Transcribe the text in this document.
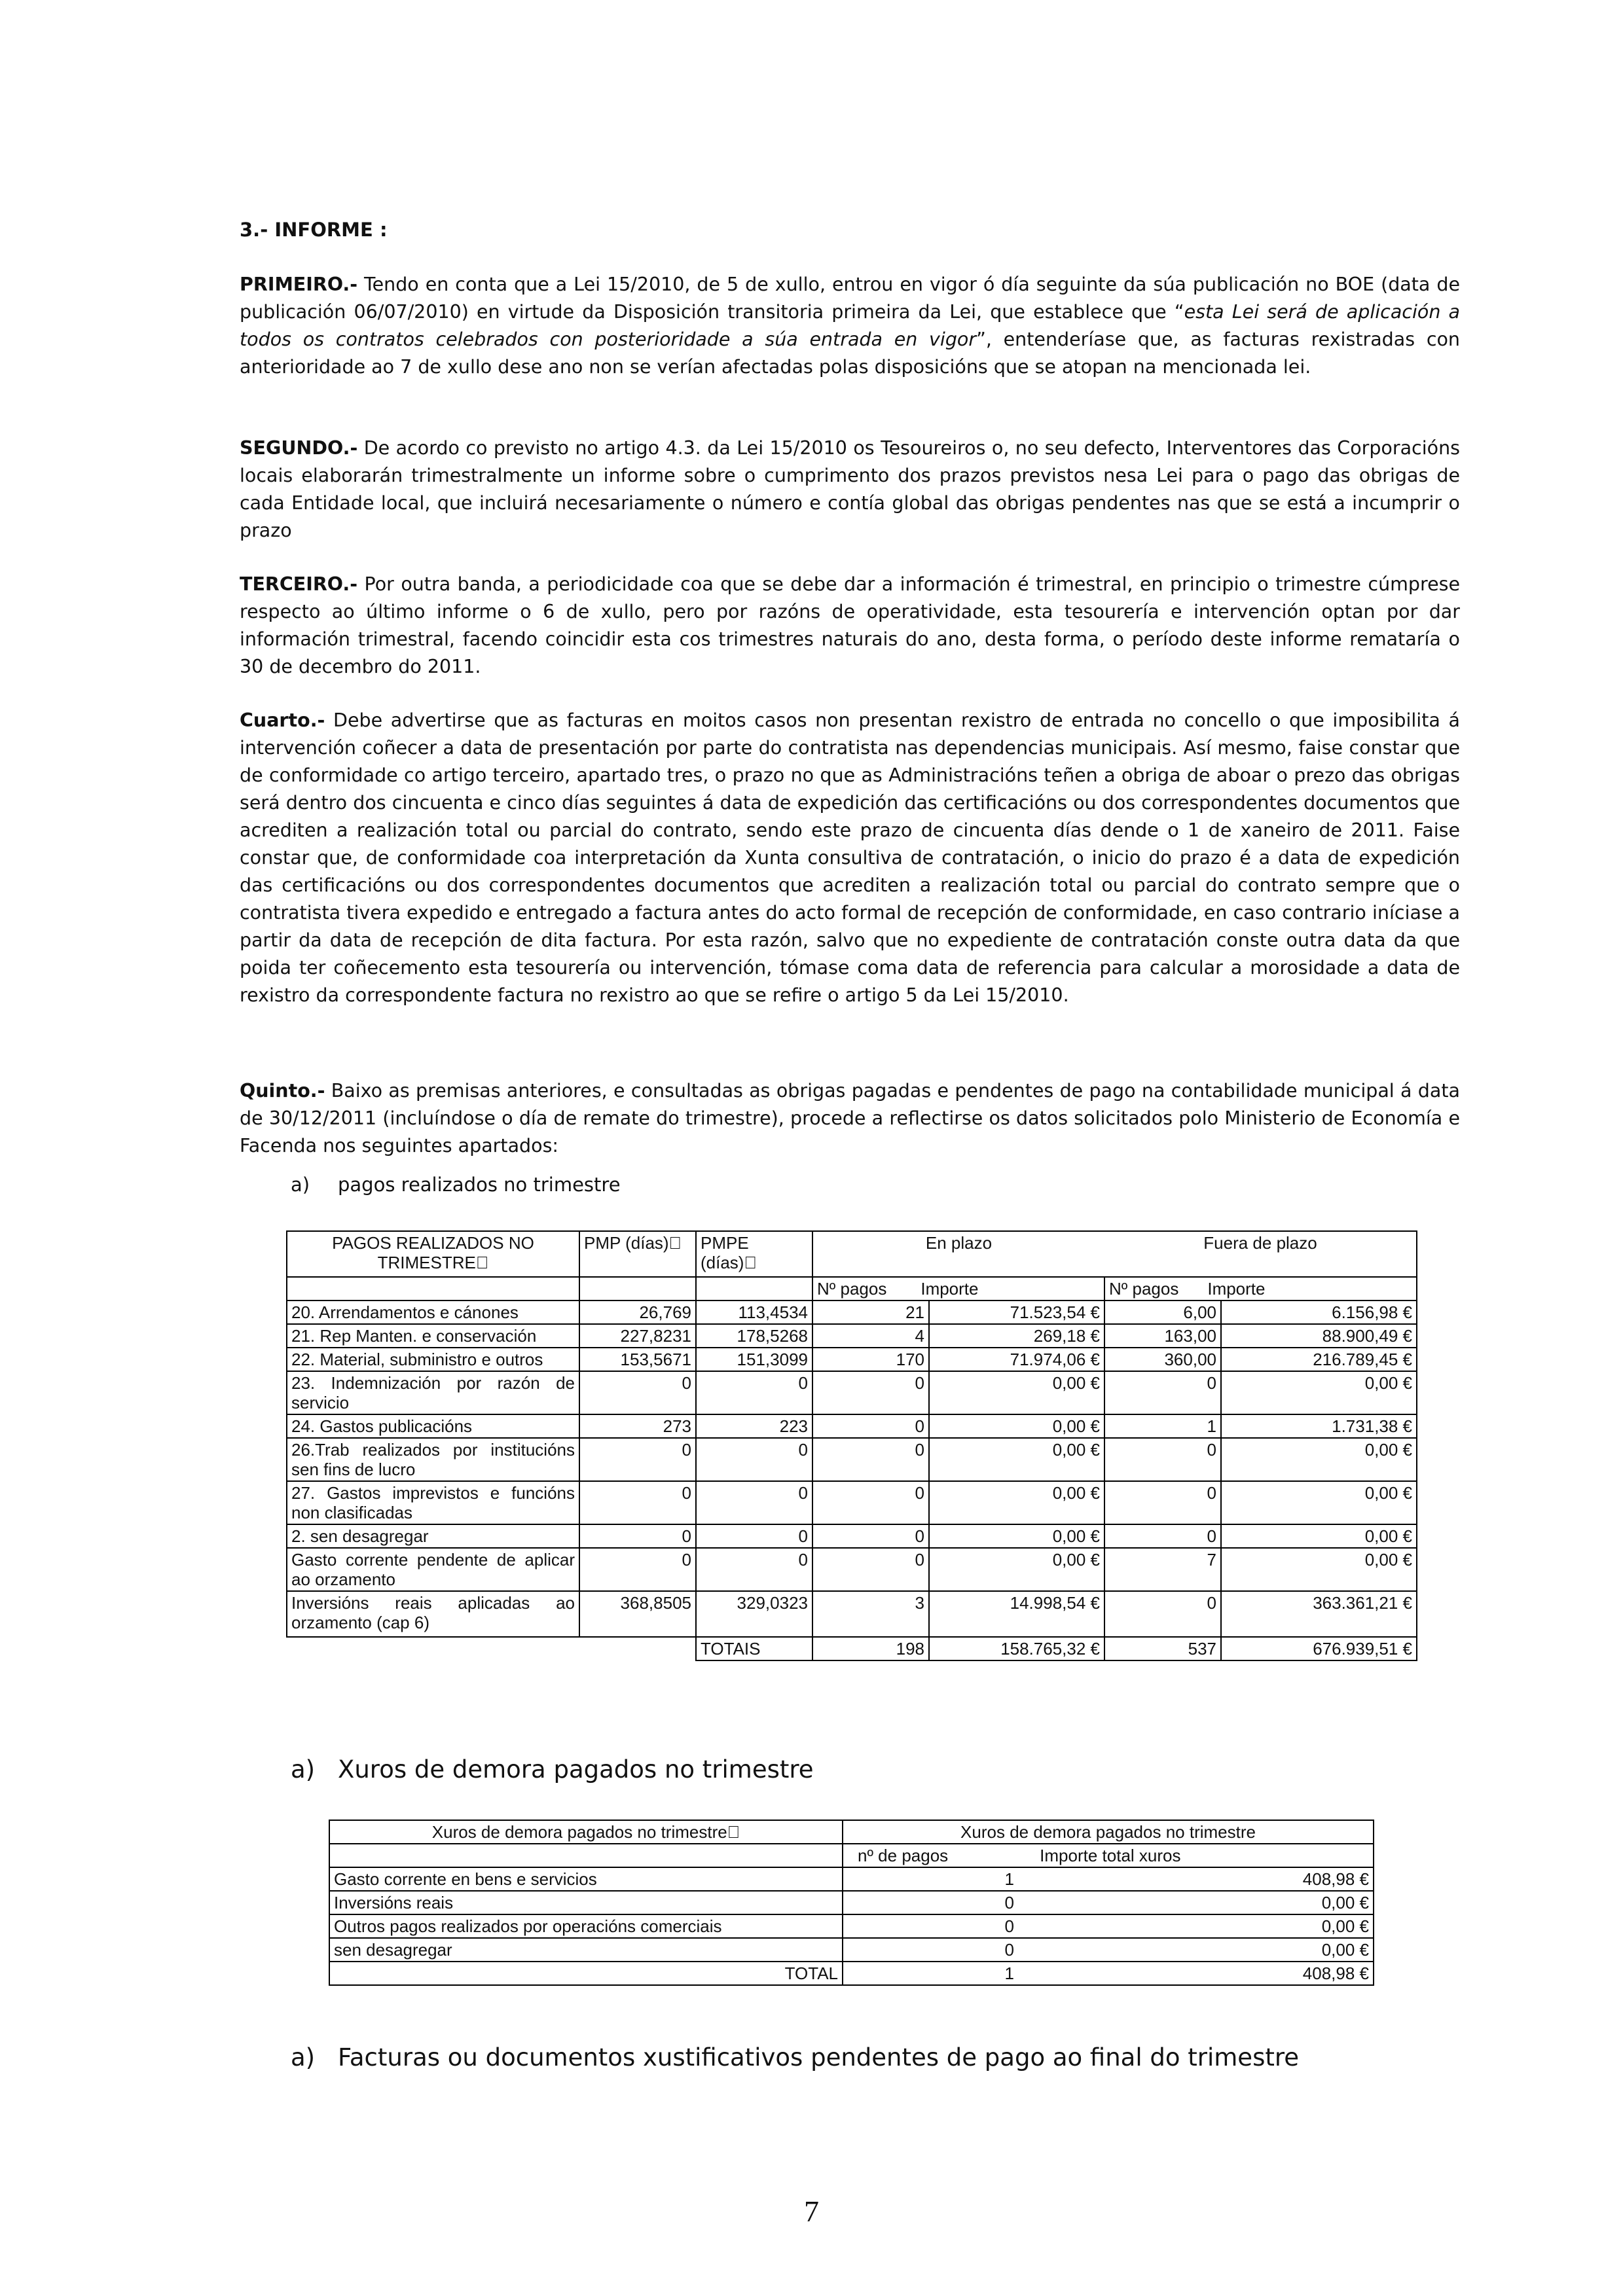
3.- INFORME :
PRIMEIRO.- Tendo en conta que a Lei 15/2010, de 5 de xullo, entrou en vigor ó día seguinte da súa publicación no BOE (data de publicación 06/07/2010) en virtude da Disposición transitoria primeira da Lei, que establece que “esta Lei será de aplicación a todos os contratos celebrados con posterioridade a súa entrada en vigor”, entenderíase que, as facturas rexistradas con anterioridade ao 7 de xullo dese ano non se verían afectadas polas disposicións que se atopan na mencionada lei.
SEGUNDO.- De acordo co previsto no artigo 4.3. da Lei 15/2010 os Tesoureiros o, no seu defecto, Interventores das Corporacións locais elaborarán trimestralmente un informe sobre o cumprimento dos prazos previstos nesa Lei para o pago das obrigas de cada Entidade local, que incluirá necesariamente o número e contía global das obrigas pendentes nas que se está a incumprir o prazo
TERCEIRO.- Por outra banda, a periodicidade coa que se debe dar a información é trimestral, en principio o trimestre cúmprese respecto ao último informe o 6 de xullo, pero por razóns de operatividade, esta tesourería e intervención optan por dar información trimestral, facendo coincidir esta cos trimestres naturais do ano, desta forma, o período deste informe remataría o 30 de decembro do 2011.
Cuarto.- Debe advertirse que as facturas en moitos casos non presentan rexistro de entrada no concello o que imposibilita á intervención coñecer a data de presentación por parte do contratista nas dependencias municipais. Así mesmo, faise constar que de conformidade co artigo terceiro, apartado tres, o prazo no que as Administracións teñen a obriga de aboar o prezo das obrigas será dentro dos cincuenta e cinco días seguintes á data de expedición das certificacións ou dos correspondentes documentos que acrediten a realización total ou parcial do contrato, sendo este prazo de cincuenta días dende o 1 de xaneiro de 2011. Faise constar que, de conformidade coa interpretación da Xunta consultiva de contratación, o inicio do prazo é a data de expedición das certificacións ou dos correspondentes documentos que acrediten a realización total ou parcial do contrato sempre que o contratista tivera expedido e entregado a factura antes do acto formal de recepción de conformidade, en caso contrario iníciase a partir da data de recepción de dita factura. Por esta razón, salvo que no expediente de contratación conste outra data da que poida ter coñecemento esta tesourería ou intervención, tómase coma data de referencia para calcular a morosidade a data de rexistro da correspondente factura no rexistro ao que se refire o artigo 5 da Lei 15/2010.
Quinto.- Baixo as premisas anteriores, e consultadas as obrigas pagadas e pendentes de pago na contabilidade municipal á data de 30/12/2011 (incluíndose o día de remate do trimestre), procede a reflectirse os datos solicitados polo Ministerio de Economía e Facenda nos seguintes apartados:
a) pagos realizados no trimestre
PAGOS REALIZADOS NO TRIMESTRE	PMP (días)	PMPE (días)	En plazo		Fuera de plazo	
			Nº pagos Importe		Nº pagos Importe	
20. Arrendamentos e cánones	26,769	113,4534	21	71.523,54 €	6,00	6.156,98 €
21. Rep Manten. e conservación	227,8231	178,5268	4	269,18 €	163,00	88.900,49 €
22. Material, subministro e outros	153,5671	151,3099	170	71.974,06 €	360,00	216.789,45 €
23. Indemnización por razón de servicio	0	0	0	0,00 €	0	0,00 €
24. Gastos publicacións	273	223	0	0,00 €	1	1.731,38 €
26.Trab realizados por institucións sen fins de lucro	0	0	0	0,00 €	0	0,00 €
27. Gastos imprevistos e funcións non clasificadas	0	0	0	0,00 €	0	0,00 €
2. sen desagregar	0	0	0	0,00 €	0	0,00 €
Gasto corrente pendente de aplicar ao orzamento	0	0	0	0,00 €	7	0,00 €
Inversións reais aplicadas ao orzamento (cap 6)	368,8505	329,0323	3	14.998,54 €	0	363.361,21 €
		TOTAIS	198	158.765,32 €	537	676.939,51 €
a) Xuros de demora pagados no trimestre
Xuros de demora pagados no trimestre	Xuros de demora pagados no trimestre	
	nº de pagos Importe total xuros	
Gasto corrente en bens e servicios	1	408,98 €
Inversións reais	0	0,00 €
Outros pagos realizados por operacións comerciais	0	0,00 €
sen desagregar	0	0,00 €
TOTAL	1	408,98 €
a) Facturas ou documentos xustificativos pendentes de pago ao final do trimestre
7
